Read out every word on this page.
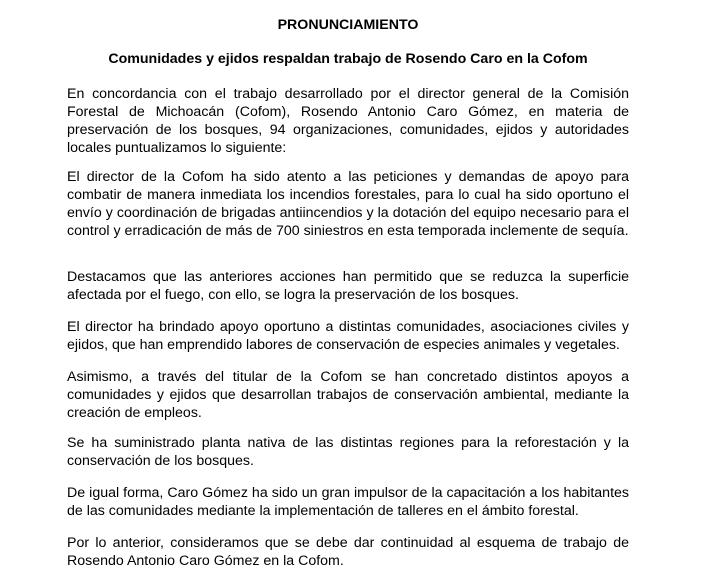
PRONUNCIAMIENTO
Comunidades y ejidos respaldan trabajo de Rosendo Caro en la Cofom

En concordancia con el trabajo desarrollado por el director general de la Comisión Forestal de Michoacán (Cofom), Rosendo Antonio Caro Gómez, en materia de preservación de los bosques, 94 organizaciones, comunidades, ejidos y autoridades locales puntualizamos lo siguiente:

El director de la Cofom ha sido atento a las peticiones y demandas de apoyo para combatir de manera inmediata los incendios forestales, para lo cual ha sido oportuno el envío y coordinación de brigadas antiincendios y la dotación del equipo necesario para el control y erradicación de más de 700 siniestros en esta temporada inclemente de sequía.

Destacamos que las anteriores acciones han permitido que se reduzca la superficie afectada por el fuego, con ello, se logra la preservación de los bosques.

El director ha brindado apoyo oportuno a distintas comunidades, asociaciones civiles y ejidos, que han emprendido labores de conservación de especies animales y vegetales.

Asimismo, a través del titular de la Cofom se han concretado distintos apoyos a comunidades y ejidos que desarrollan trabajos de conservación ambiental, mediante la creación de empleos.

Se ha suministrado planta nativa de las distintas regiones para la reforestación y la conservación de los bosques.

De igual forma, Caro Gómez ha sido un gran impulsor de la capacitación a los habitantes de las comunidades mediante la implementación de talleres en el ámbito forestal.

Por lo anterior, consideramos que se debe dar continuidad al esquema de trabajo de Rosendo Antonio Caro Gómez en la Cofom.
